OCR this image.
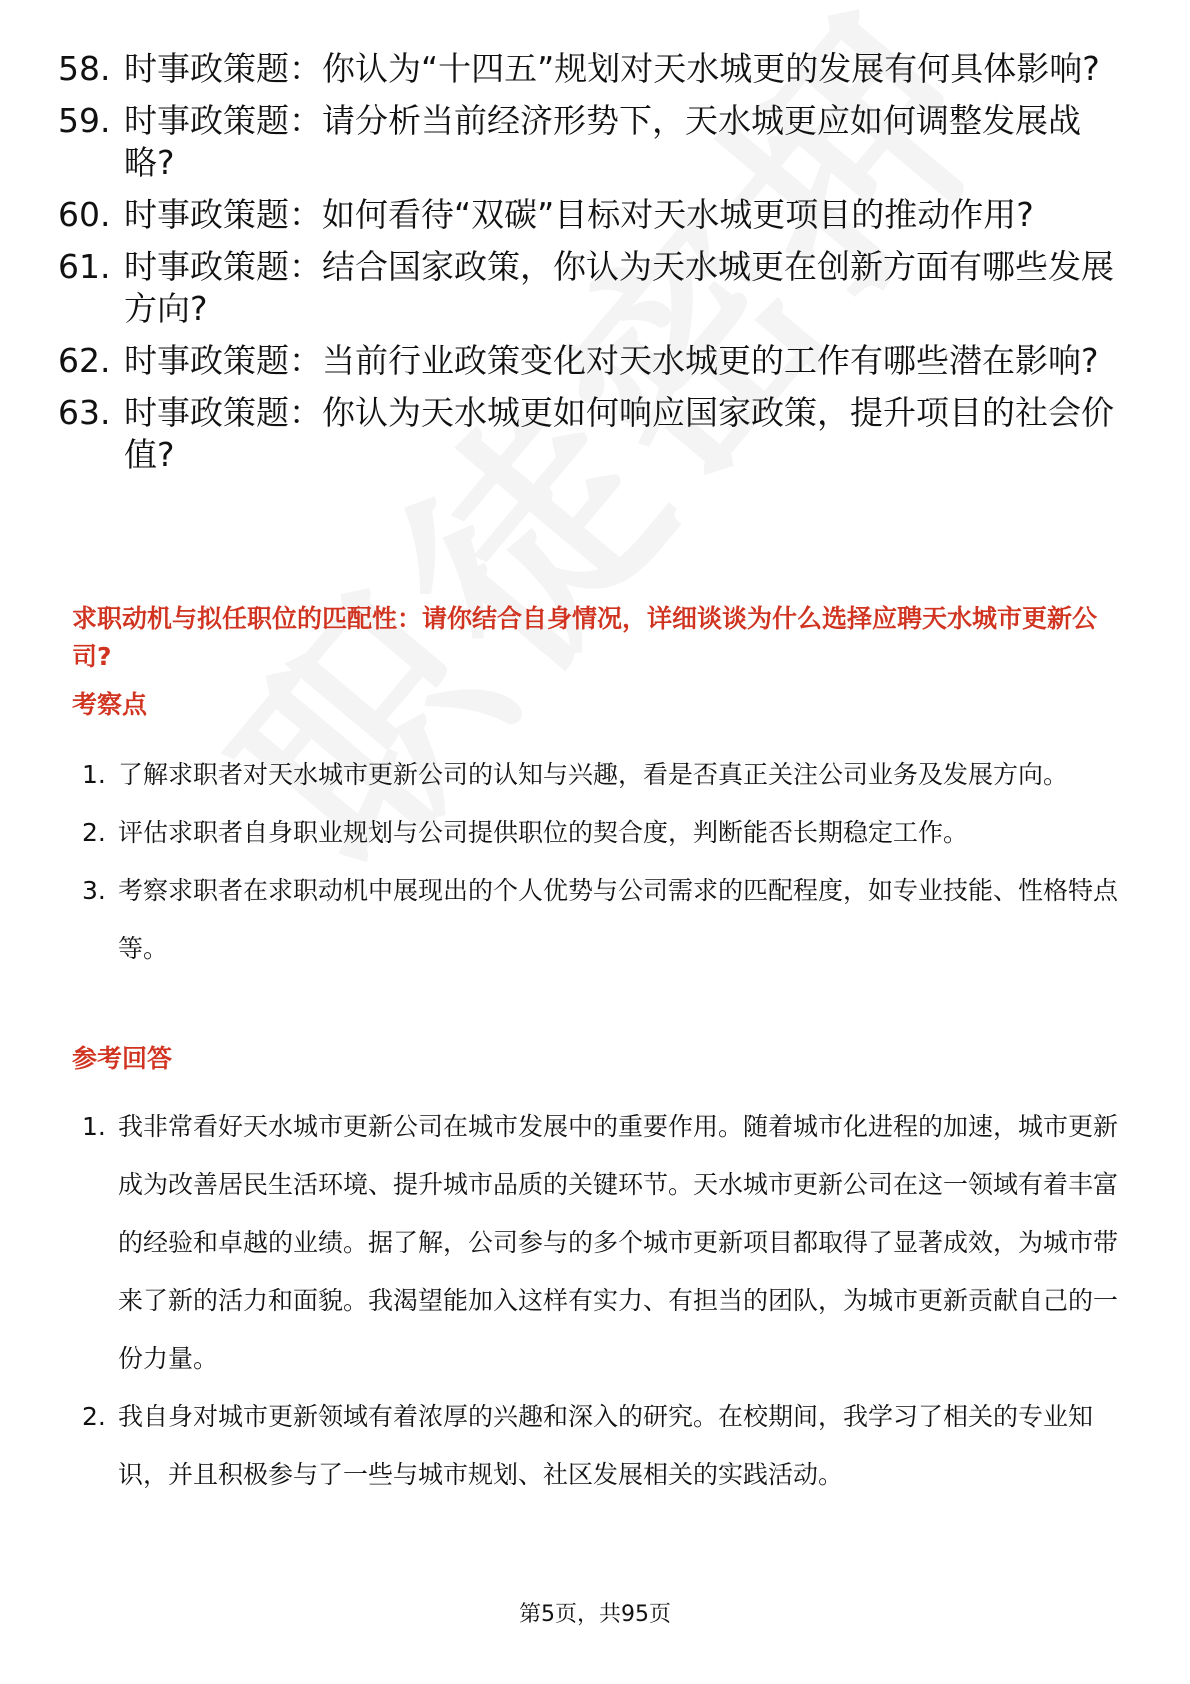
58. 时事政策题：你认为“十四五”规划对天水城更的发展有何具体影响?
59. 时事政策题：请分析当前经济形势下，天水城更应如何调整发展战略?
60. 时事政策题：如何看待“双碳”目标对天水城更项目的推动作用?
61. 时事政策题：结合国家政策，你认为天水城更在创新方面有哪些发展方向?
62. 时事政策题：当前行业政策变化对天水城更的工作有哪些潜在影响?
63. 时事政策题：你认为天水城更如何响应国家政策，提升项目的社会价值?
求职动机与拟任职位的匹配性：请你结合自身情况，详细谈谈为什么选择应聘天水城市更新公司?
考察点
1. 了解求职者对天水城市更新公司的认知与兴趣，看是否真正关注公司业务及发展方向。
2. 评估求职者自身职业规划与公司提供职位的契合度，判断能否长期稳定工作。
3. 考察求职者在求职动机中展现出的个人优势与公司需求的匹配程度，如专业技能、性格特点等。
参考回答
1. 我非常看好天水城市更新公司在城市发展中的重要作用。随着城市化进程的加速，城市更新成为改善居民生活环境、提升城市品质的关键环节。天水城市更新公司在这一领域有着丰富的经验和卓越的业绩。据了解，公司参与的多个城市更新项目都取得了显著成效，为城市带来了新的活力和面貌。我渴望能加入这样有实力、有担当的团队，为城市更新贡献自己的一份力量。
2. 我自身对城市更新领域有着浓厚的兴趣和深入的研究。在校期间，我学习了相关的专业知识，并且积极参与了一些与城市规划、社区发展相关的实践活动。
第5页，共95页
